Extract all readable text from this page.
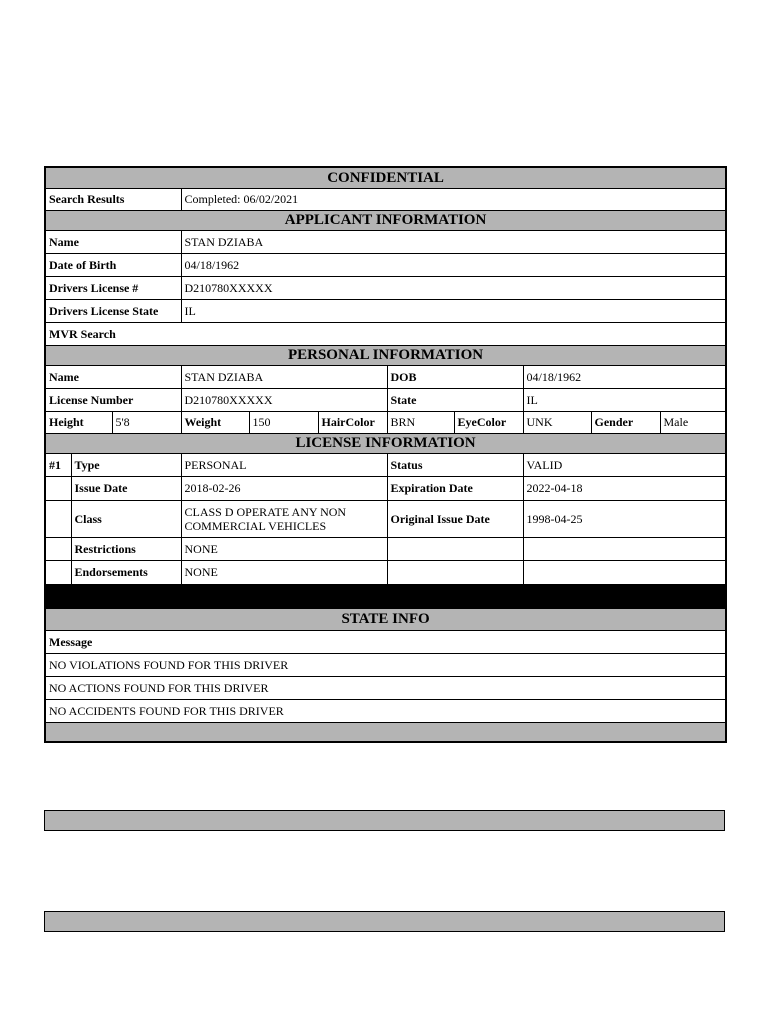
CONFIDENTIAL										
Search Results			Completed: 06/02/2021							
APPLICANT INFORMATION										
Name			STAN DZIABA							
Date of Birth			04/18/1962							
Drivers License #			D210780XXXXX							
Drivers License State			IL							
MVR Search										
PERSONAL INFORMATION										
Name			STAN DZIABA			DOB		04/18/1962		
License Number			D210780XXXXX			State		IL		
Height		5'8	Weight	150	HairColor	BRN	EyeColor	UNK	Gender	Male
LICENSE INFORMATION										
#1	Type		PERSONAL			Status		VALID		
	Issue Date		2018-02-26			Expiration Date		2022-04-18		
	Class		CLASS D OPERATE ANY NON COMMERCIAL VEHICLES			Original Issue Date		1998-04-25		
	Restrictions		NONE							
	Endorsements		NONE							

STATE INFO										
Message										
NO VIOLATIONS FOUND FOR THIS DRIVER										
NO ACTIONS FOUND FOR THIS DRIVER										
NO ACCIDENTS FOUND FOR THIS DRIVER										
